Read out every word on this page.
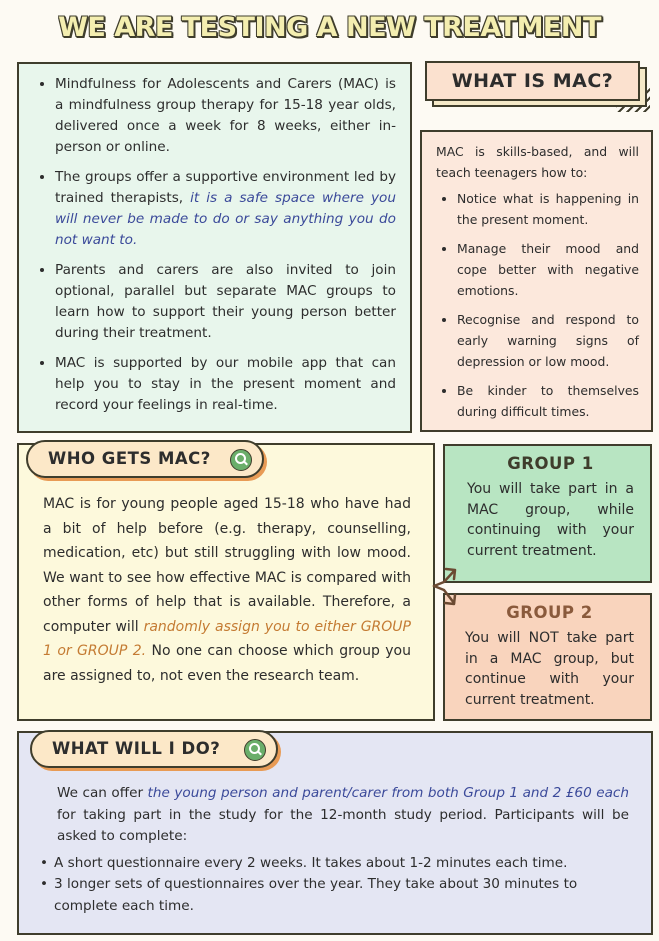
WE ARE TESTING A NEW TREATMENT
• Mindfulness for Adolescents and Carers (MAC) is a mindfulness group therapy for 15-18 year olds, delivered once a week for 8 weeks, either in-person or online.
• The groups offer a supportive environment led by trained therapists, it is a safe space where you will never be made to do or say anything you do not want to.
• Parents and carers are also invited to join optional, parallel but separate MAC groups to learn how to support their young person better during their treatment.
• MAC is supported by our mobile app that can help you to stay in the present moment and record your feelings in real-time.
WHAT IS MAC?
MAC is skills-based, and will teach teenagers how to:
• Notice what is happening in the present moment.
• Manage their mood and cope better with negative emotions.
• Recognise and respond to early warning signs of depression or low mood.
• Be kinder to themselves during difficult times.

MAC is for young people aged 15-18 who have had a bit of help before (e.g. therapy, counselling, medication, etc) but still struggling with low mood. We want to see how effective MAC is compared with other forms of help that is available. Therefore, a computer will randomly assign you to either GROUP 1 or GROUP 2. No one can choose which group you are assigned to, not even the research team.

WHO GETS MAC?	GROUP 1
You will take part in a MAC group, while continuing with your current treatment.
GROUP 2
You will NOT take part in a MAC group, but continue with your current treatment.

We can offer the young person and parent/carer from both Group 1 and 2 £60 each for taking part in the study for the 12-month study period. Participants will be asked to complete:

• A short questionnaire every 2 weeks. It takes about 1-2 minutes each time.
• 3 longer sets of questionnaires over the year. They take about 30 minutes to complete each time.
WHAT WILL I DO?
